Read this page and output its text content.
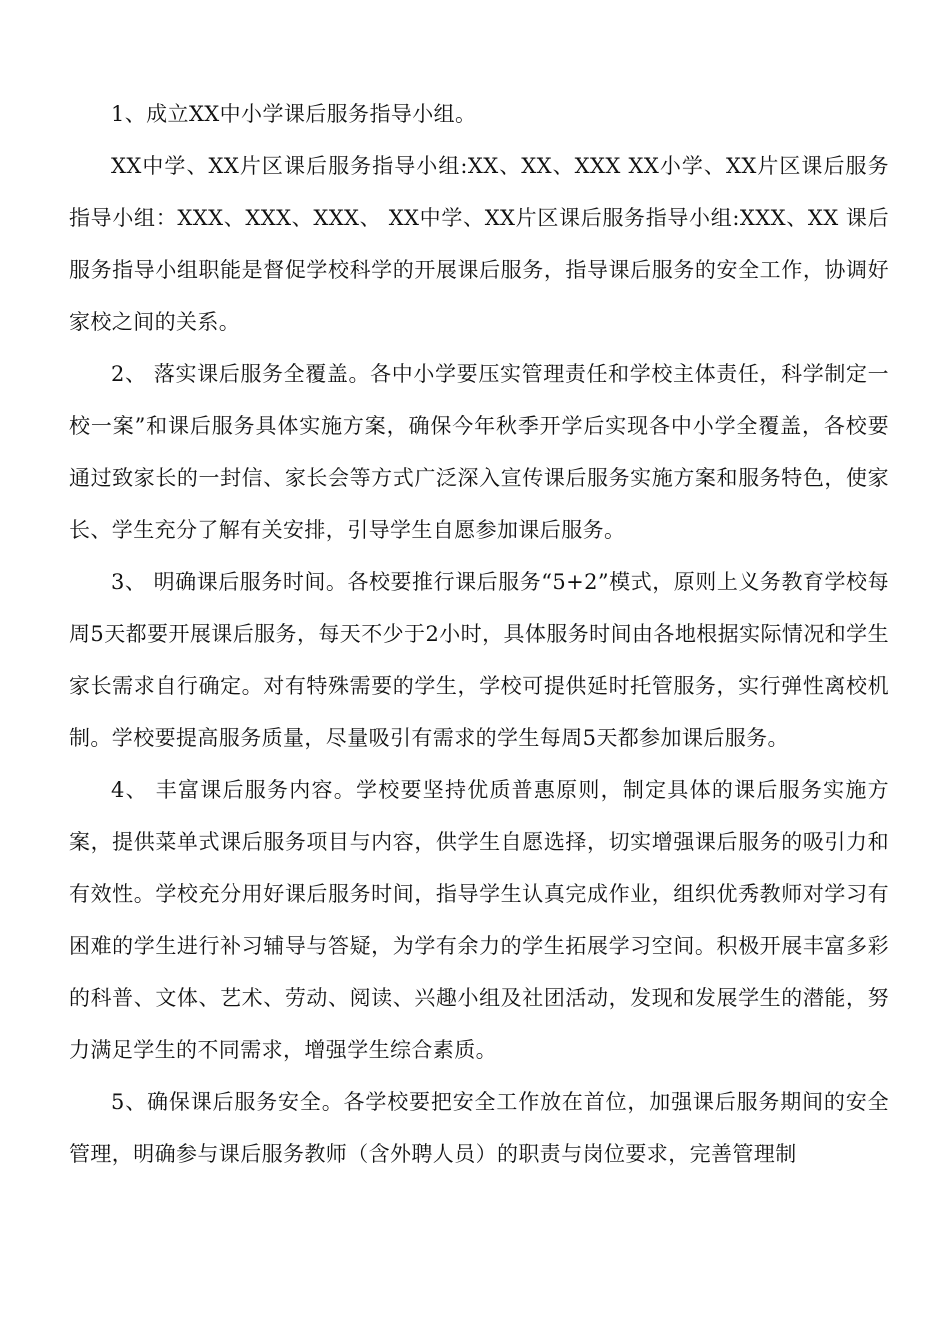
1、成立XX中小学课后服务指导小组。

XX中学、XX片区课后服务指导小组:XX、XX、XXX XX小学、XX片区课后服务指导小组：XXX、XXX、XXX、 XX中学、XX片区课后服务指导小组:XXX、XX 课后服务指导小组职能是督促学校科学的开展课后服务，指导课后服务的安全工作，协调好家校之间的关系。

2、 落实课后服务全覆盖。各中小学要压实管理责任和学校主体责任，科学制定一校一案”和课后服务具体实施方案，确保今年秋季开学后实现各中小学全覆盖，各校要通过致家长的一封信、家长会等方式广泛深入宣传课后服务实施方案和服务特色，使家长、学生充分了解有关安排，引导学生自愿参加课后服务。

3、 明确课后服务时间。各校要推行课后服务“5+2”模式，原则上义务教育学校每周5天都要开展课后服务，每天不少于2小时，具体服务时间由各地根据实际情况和学生家长需求自行确定。对有特殊需要的学生，学校可提供延时托管服务，实行弹性离校机制。学校要提高服务质量，尽量吸引有需求的学生每周5天都参加课后服务。

4、 丰富课后服务内容。学校要坚持优质普惠原则，制定具体的课后服务实施方案，提供菜单式课后服务项目与内容，供学生自愿选择，切实增强课后服务的吸引力和有效性。学校充分用好课后服务时间，指导学生认真完成作业，组织优秀教师对学习有困难的学生进行补习辅导与答疑，为学有余力的学生拓展学习空间。积极开展丰富多彩的科普、文体、艺术、劳动、阅读、兴趣小组及社团活动，发现和发展学生的潜能，努力满足学生的不同需求，增强学生综合素质。

5、确保课后服务安全。各学校要把安全工作放在首位，加强课后服务期间的安全管理，明确参与课后服务教师（含外聘人员）的职责与岗位要求，完善管理制
